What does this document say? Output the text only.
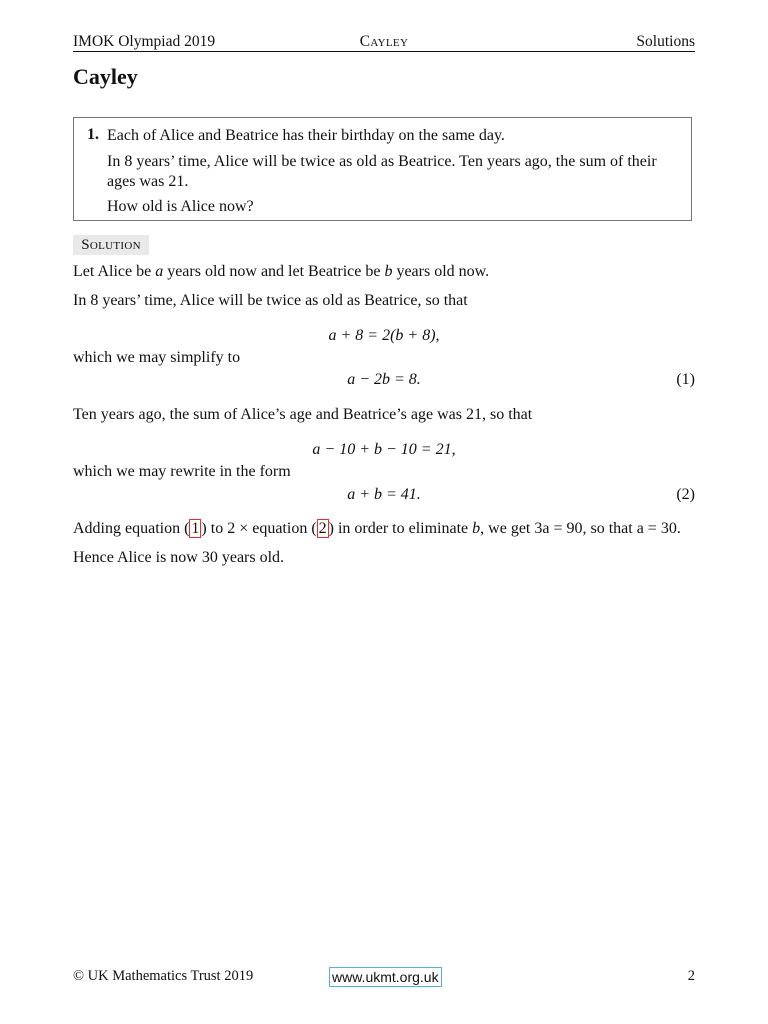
IMOK Olympiad 2019	Cayley	Solutions
Cayley
1. Each of Alice and Beatrice has their birthday on the same day.
In 8 years’ time, Alice will be twice as old as Beatrice. Ten years ago, the sum of their
ages was 21.
How old is Alice now?
Solution
Let Alice be a years old now and let Beatrice be b years old now.
In 8 years’ time, Alice will be twice as old as Beatrice, so that
a + 8 = 2(b + 8),
which we may simplify to
a − 2b = 8.	(1)
Ten years ago, the sum of Alice’s age and Beatrice’s age was 21, so that
a − 10 + b − 10 = 21,
which we may rewrite in the form
a + b = 41.	(2)
Adding equation ( 1 ) to 2 × equation ( 2 ) in order to eliminate b, we get 3a = 90, so that a = 30.
Hence Alice is now 30 years old.
© UK Mathematics Trust 2019	www.ukmt.org.uk	2
